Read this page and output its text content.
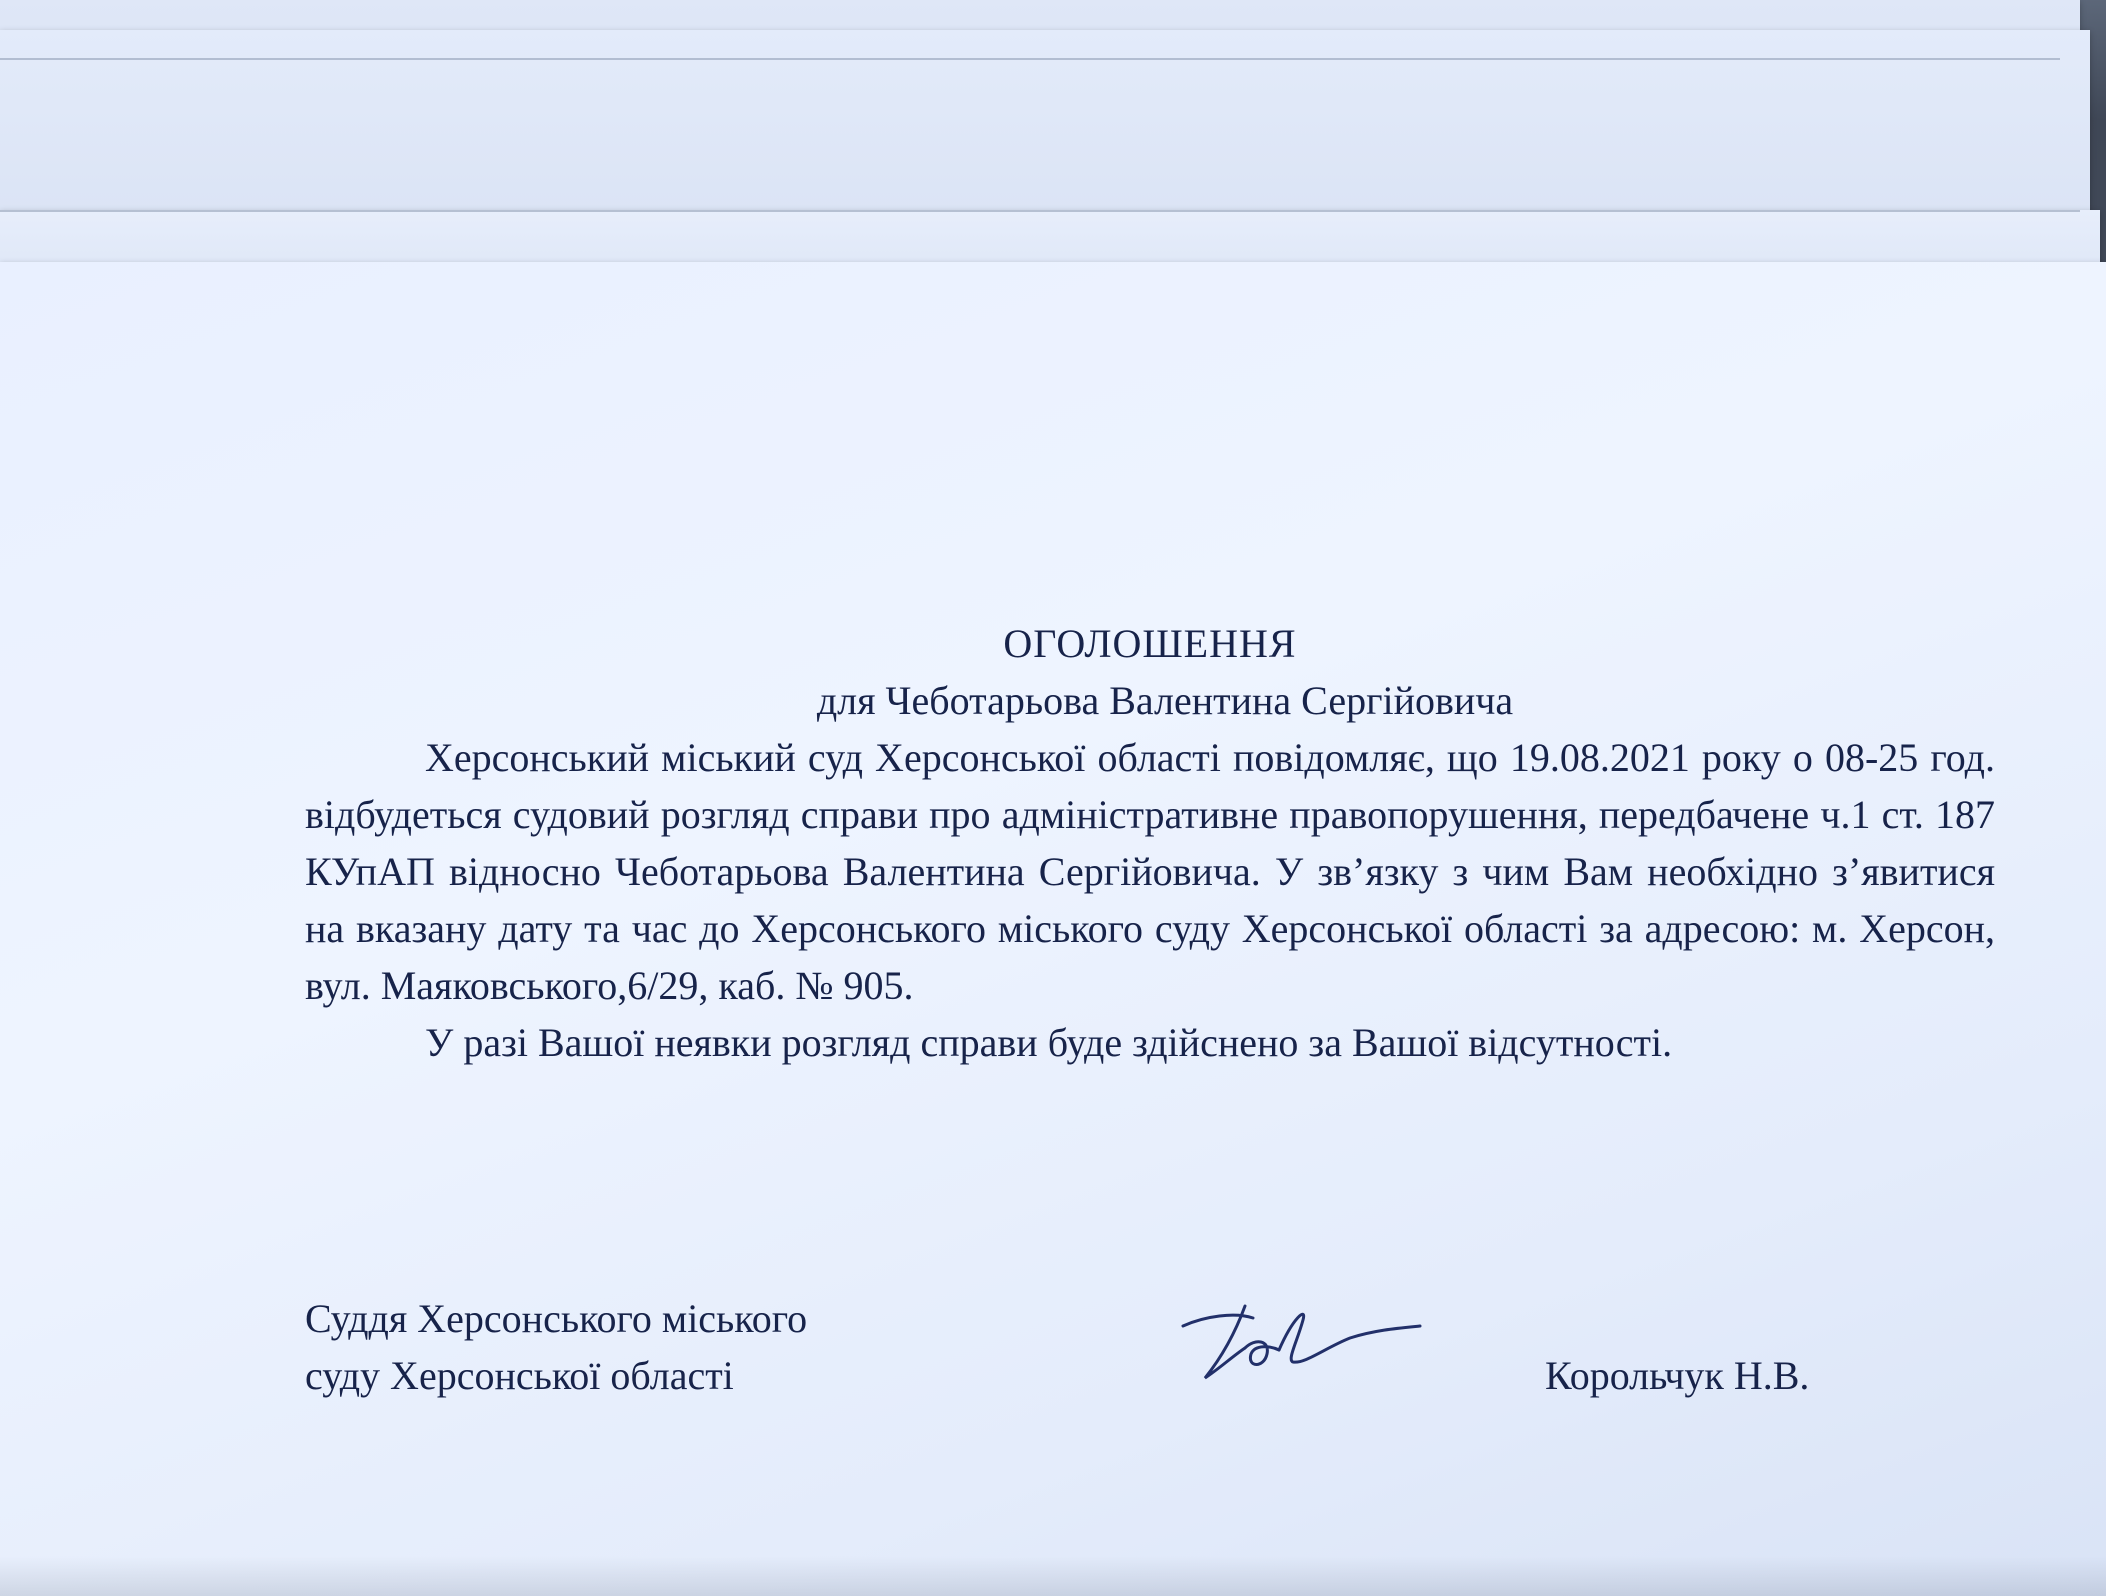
ОГОЛОШЕННЯ

для Чеботарьова Валентина Сергійовича

Херсонський міський суд Херсонської області повідомляє, що 19.08.2021 року о 08-25 год. відбудеться судовий розгляд справи про адміністративне правопорушення, передбачене ч.1 ст. 187 КУпАП відносно Чеботарьова Валентина Сергійовича. У зв’язку з чим Вам необхідно з’явитися на вказану дату та час до Херсонського міського суду Херсонської області за адресою: м. Херсон, вул. Маяковського,6/29, каб. № 905.

У разі Вашої неявки розгляд справи буде здійснено за Вашої відсутності.

Суддя Херсонського міського
суду Херсонської області	Корольчук Н.В.
